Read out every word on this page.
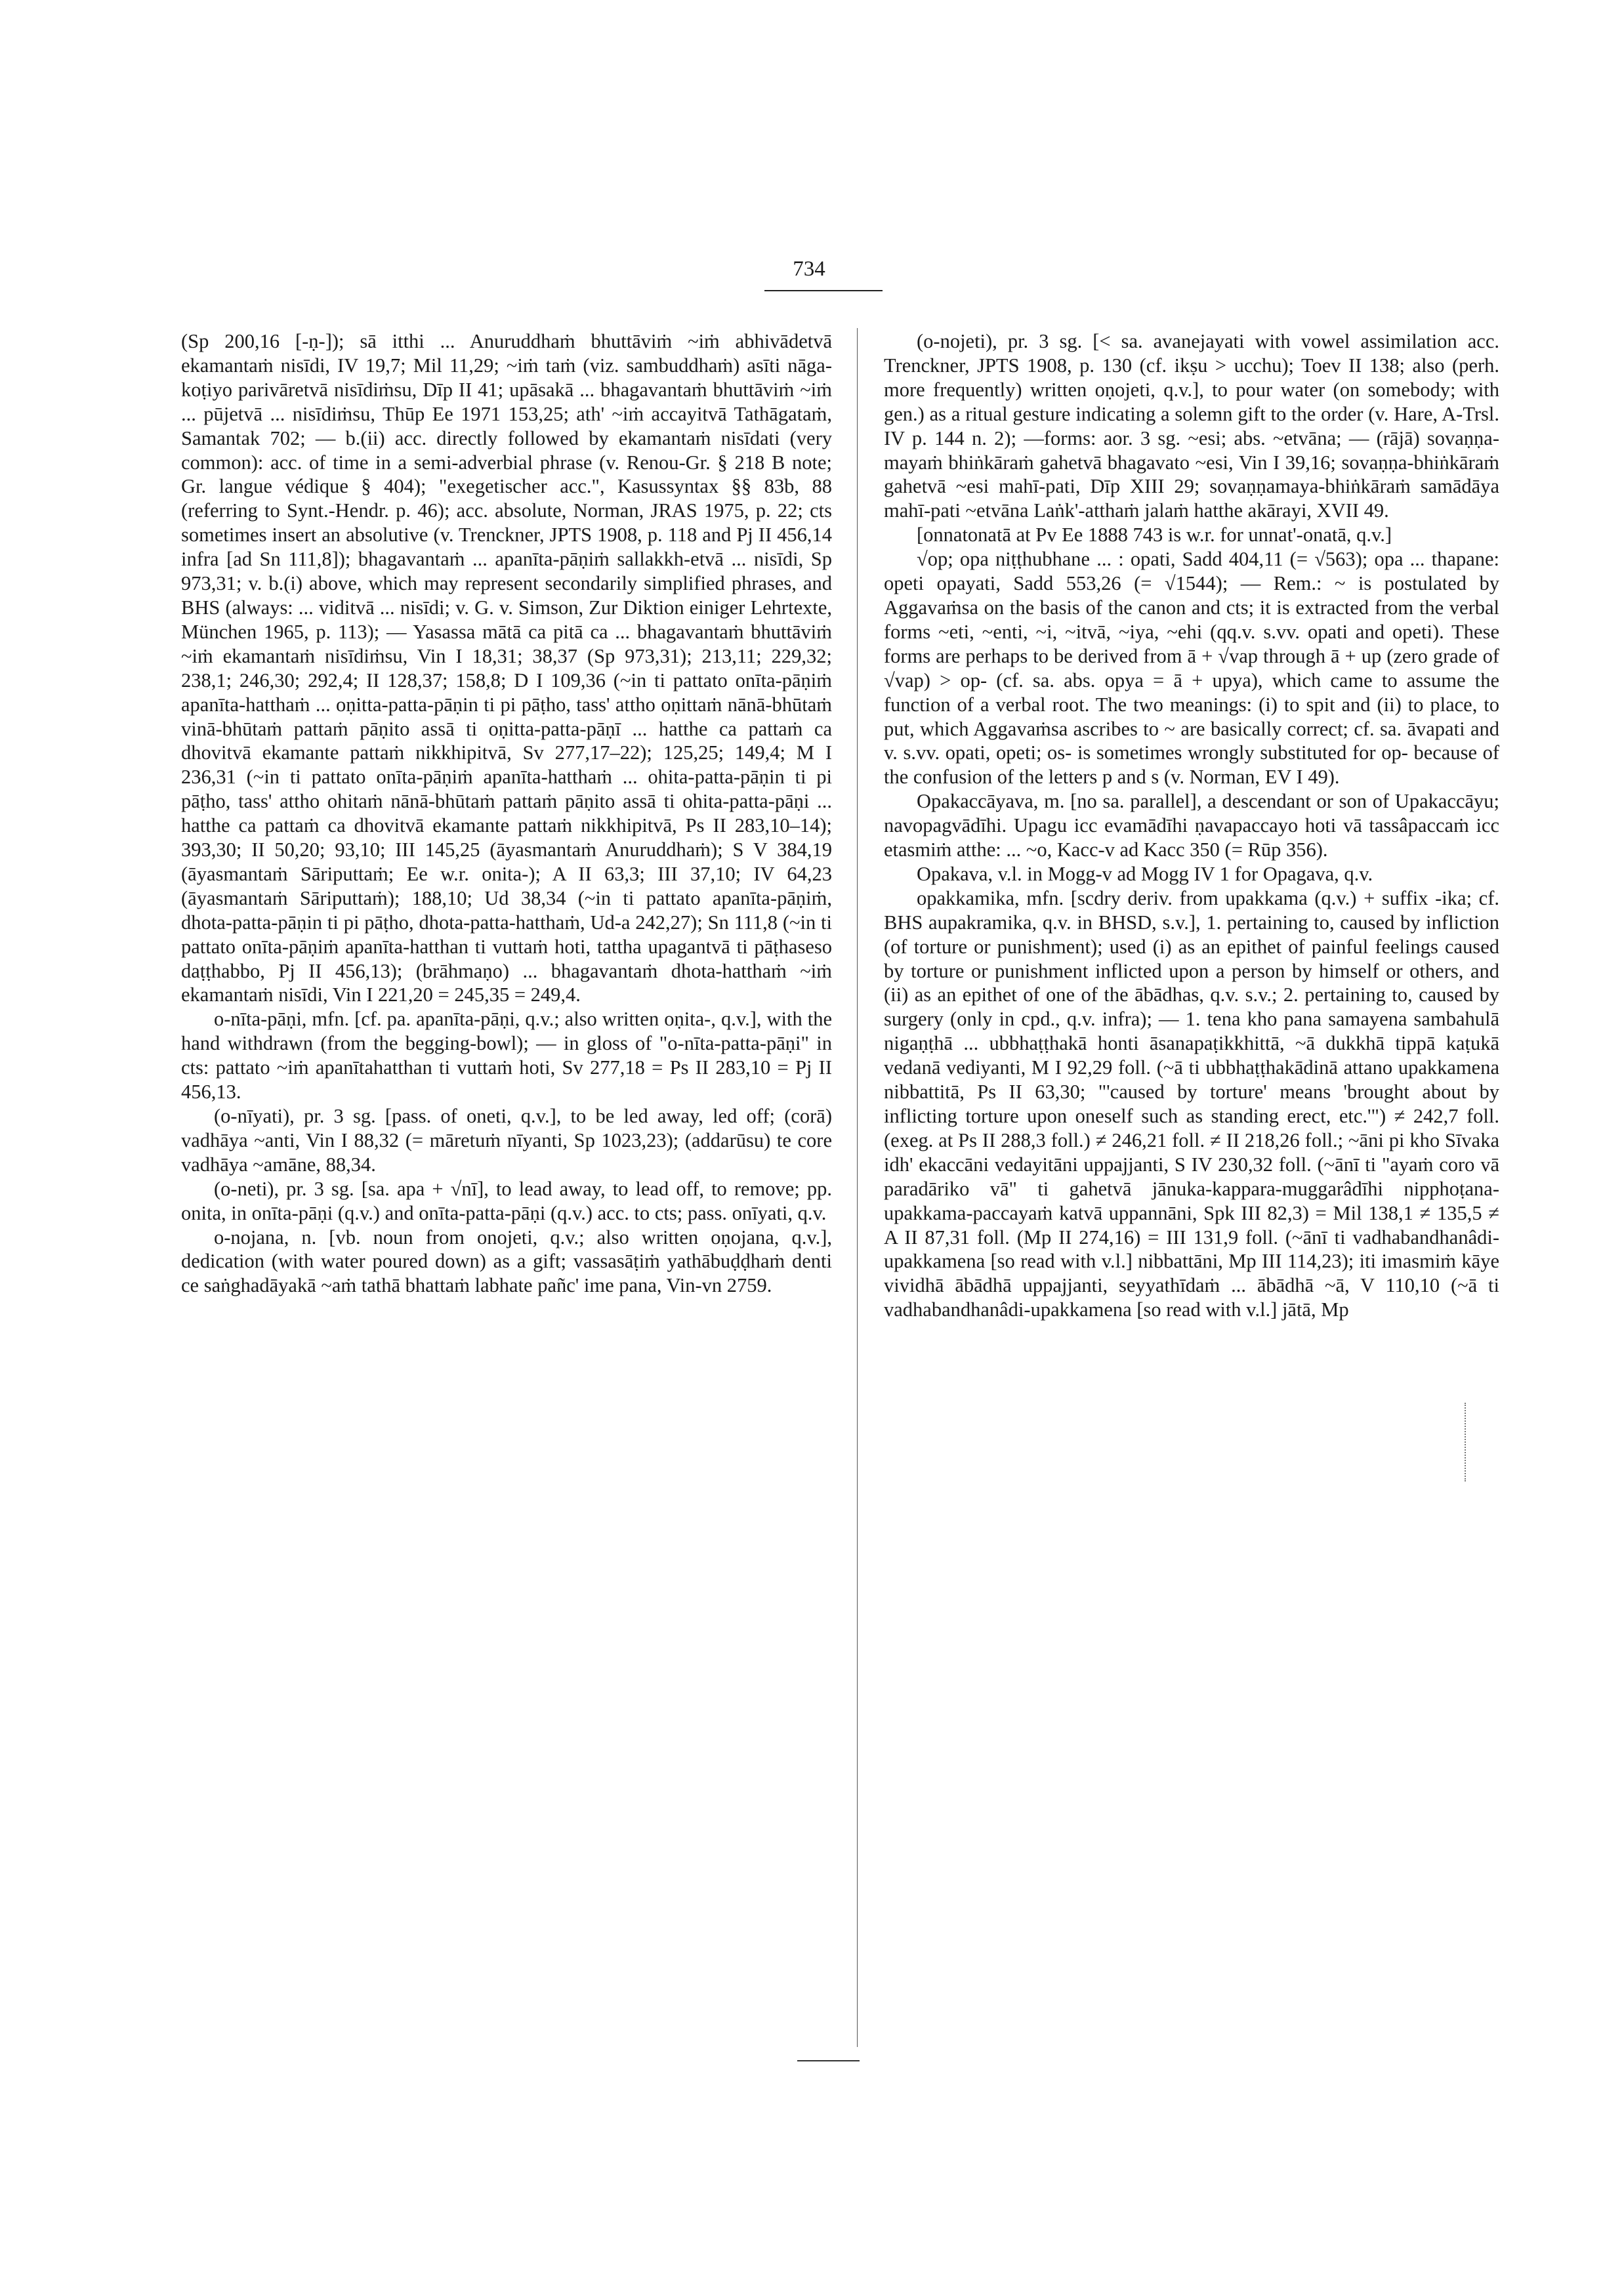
734

(Sp 200,16 [-ṇ-]); sā itthi ... Anuruddhaṁ bhuttāviṁ ~iṁ abhivādetvā ekamantaṁ nisīdi, IV 19,7; Mil 11,29; ~iṁ taṁ (viz. sambuddhaṁ) asīti nāga-koṭiyo parivāretvā nisīdiṁsu, Dīp II 41; upāsakā ... bhagavantaṁ bhuttāviṁ ~iṁ ... pūjetvā ... nisīdiṁsu, Thūp Ee 1971 153,25; ath' ~iṁ accayitvā Tathāgataṁ, Samantak 702; — b.(ii) acc. directly followed by ekamantaṁ nisīdati (very common): acc. of time in a semi-adverbial phrase (v. Renou-Gr. § 218 B note; Gr. langue védique § 404); "exegetischer acc.", Kasussyntax §§ 83b, 88 (referring to Synt.-Hendr. p. 46); acc. absolute, Norman, JRAS 1975, p. 22; cts sometimes insert an absolutive (v. Trenckner, JPTS 1908, p. 118 and Pj II 456,14 infra [ad Sn 111,8]); bhagavantaṁ ... apanīta-pāṇiṁ sallakkh-etvā ... nisīdi, Sp 973,31; v. b.(i) above, which may represent secondarily simplified phrases, and BHS (always: ... viditvā ... nisīdi; v. G. v. Simson, Zur Diktion einiger Lehrtexte, München 1965, p. 113); — Yasassa mātā ca pitā ca ... bhagavantaṁ bhuttāviṁ ~iṁ ekamantaṁ nisīdiṁsu, Vin I 18,31; 38,37 (Sp 973,31); 213,11; 229,32; 238,1; 246,30; 292,4; II 128,37; 158,8; D I 109,36 (~in ti pattato onīta-pāṇiṁ apanīta-hatthaṁ ... oṇitta-patta-pāṇin ti pi pāṭho, tass' attho oṇittaṁ nānā-bhūtaṁ vinā-bhūtaṁ pattaṁ pāṇito assā ti oṇitta-patta-pāṇī ... hatthe ca pattaṁ ca dhovitvā ekamante pattaṁ nikkhipitvā, Sv 277,17–22); 125,25; 149,4; M I 236,31 (~in ti pattato onīta-pāṇiṁ apanīta-hatthaṁ ... ohita-patta-pāṇin ti pi pāṭho, tass' attho ohitaṁ nānā-bhūtaṁ pattaṁ pāṇito assā ti ohita-patta-pāṇi ... hatthe ca pattaṁ ca dhovitvā ekamante pattaṁ nikkhipitvā, Ps II 283,10–14); 393,30; II 50,20; 93,10; III 145,25 (āyasmantaṁ Anuruddhaṁ); S V 384,19 (āyasmantaṁ Sāriputtaṁ; Ee w.r. onita-); A II 63,3; III 37,10; IV 64,23 (āyasmantaṁ Sāriputtaṁ); 188,10; Ud 38,34 (~in ti pattato apanīta-pāṇiṁ, dhota-patta-pāṇin ti pi pāṭho, dhota-patta-hatthaṁ, Ud-a 242,27); Sn 111,8 (~in ti pattato onīta-pāṇiṁ apanīta-hatthan ti vuttaṁ hoti, tattha upagantvā ti pāṭhaseso daṭṭhabbo, Pj II 456,13); (brāhmaṇo) ... bhagavantaṁ dhota-hatthaṁ ~iṁ ekamantaṁ nisīdi, Vin I 221,20 = 245,35 = 249,4.

o-nīta-pāṇi, mfn. [cf. pa. apanīta-pāṇi, q.v.; also written oṇita-, q.v.], with the hand withdrawn (from the begging-bowl); — in gloss of "o-nīta-patta-pāṇi" in cts: pattato ~iṁ apanītahatthan ti vuttaṁ hoti, Sv 277,18 = Ps II 283,10 = Pj II 456,13.

(o-nīyati), pr. 3 sg. [pass. of oneti, q.v.], to be led away, led off; (corā) vadhāya ~anti, Vin I 88,32 (= māretuṁ nīyanti, Sp 1023,23); (addarūsu) te core vadhāya ~amāne, 88,34.

(o-neti), pr. 3 sg. [sa. apa + √nī], to lead away, to lead off, to remove; pp. onita, in onīta-pāṇi (q.v.) and onīta-patta-pāṇi (q.v.) acc. to cts; pass. onīyati, q.v.

o-nojana, n. [vb. noun from onojeti, q.v.; also written oṇojana, q.v.], dedication (with water poured down) as a gift; vassasāṭiṁ yathābuḍḍhaṁ denti ce saṅghadāyakā ~aṁ tathā bhattaṁ labhate pañc' ime pana, Vin-vn 2759.

(o-nojeti), pr. 3 sg. [< sa. avanejayati with vowel assimilation acc. Trenckner, JPTS 1908, p. 130 (cf. ikṣu > ucchu); Toev II 138; also (perh. more frequently) written oṇojeti, q.v.], to pour water (on somebody; with gen.) as a ritual gesture indicating a solemn gift to the order (v. Hare, A-Trsl. IV p. 144 n. 2); —forms: aor. 3 sg. ~esi; abs. ~etvāna; — (rājā) sovaṇṇa-mayaṁ bhiṅkāraṁ gahetvā bhagavato ~esi, Vin I 39,16; sovaṇṇa-bhiṅkāraṁ gahetvā ~esi mahī-pati, Dīp XIII 29; sovaṇṇamaya-bhiṅkāraṁ samādāya mahī-pati ~etvāna Laṅk'-atthaṁ jalaṁ hatthe akārayi, XVII 49.

[onnatonatā at Pv Ee 1888 743 is w.r. for unnat'-onatā, q.v.]

√op; opa niṭṭhubhane ... : opati, Sadd 404,11 (= √563); opa ... thapane: opeti opayati, Sadd 553,26 (= √1544); — Rem.: ~ is postulated by Aggavaṁsa on the basis of the canon and cts; it is extracted from the verbal forms ~eti, ~enti, ~i, ~itvā, ~iya, ~ehi (qq.v. s.vv. opati and opeti). These forms are perhaps to be derived from ā + √vap through ā + up (zero grade of √vap) > op- (cf. sa. abs. opya = ā + upya), which came to assume the function of a verbal root. The two meanings: (i) to spit and (ii) to place, to put, which Aggavaṁsa ascribes to ~ are basically correct; cf. sa. āvapati and v. s.vv. opati, opeti; os- is sometimes wrongly substituted for op- because of the confusion of the letters p and s (v. Norman, EV I 49).

Opakaccāyava, m. [no sa. parallel], a descendant or son of Upakaccāyu; navopagvādīhi. Upagu icc evamādīhi ṇavapaccayo hoti vā tassâpaccaṁ icc etasmiṁ atthe: ... ~o, Kacc-v ad Kacc 350 (= Rūp 356).

Opakava, v.l. in Mogg-v ad Mogg IV 1 for Opagava, q.v.

opakkamika, mfn. [scdry deriv. from upakkama (q.v.) + suffix -ika; cf. BHS aupakramika, q.v. in BHSD, s.v.], 1. pertaining to, caused by infliction (of torture or punishment); used (i) as an epithet of painful feelings caused by torture or punishment inflicted upon a person by himself or others, and (ii) as an epithet of one of the ābādhas, q.v. s.v.; 2. pertaining to, caused by surgery (only in cpd., q.v. infra); — 1. tena kho pana samayena sambahulā nigaṇṭhā ... ubbhaṭṭhakā honti āsanapaṭikkhittā, ~ā dukkhā tippā kaṭukā vedanā vediyanti, M I 92,29 foll. (~ā ti ubbhaṭṭhakādinā attano upakkamena nibbattitā, Ps II 63,30; "'caused by torture' means 'brought about by inflicting torture upon oneself such as standing erect, etc.'") ≠ 242,7 foll. (exeg. at Ps II 288,3 foll.) ≠ 246,21 foll. ≠ II 218,26 foll.; ~āni pi kho Sīvaka idh' ekaccāni vedayitāni uppajjanti, S IV 230,32 foll. (~ānī ti "ayaṁ coro vā paradāriko vā" ti gahetvā jānuka-kappara-muggarâdīhi nipphoṭana-upakkama-paccayaṁ katvā uppannāni, Spk III 82,3) = Mil 138,1 ≠ 135,5 ≠ A II 87,31 foll. (Mp II 274,16) = III 131,9 foll. (~ānī ti vadhabandhanâdi-upakkamena [so read with v.l.] nibbattāni, Mp III 114,23); iti imasmiṁ kāye vividhā ābādhā uppajjanti, seyyathīdaṁ ... ābādhā ~ā, V 110,10 (~ā ti vadhabandhanâdi-upakkamena [so read with v.l.] jātā, Mp
